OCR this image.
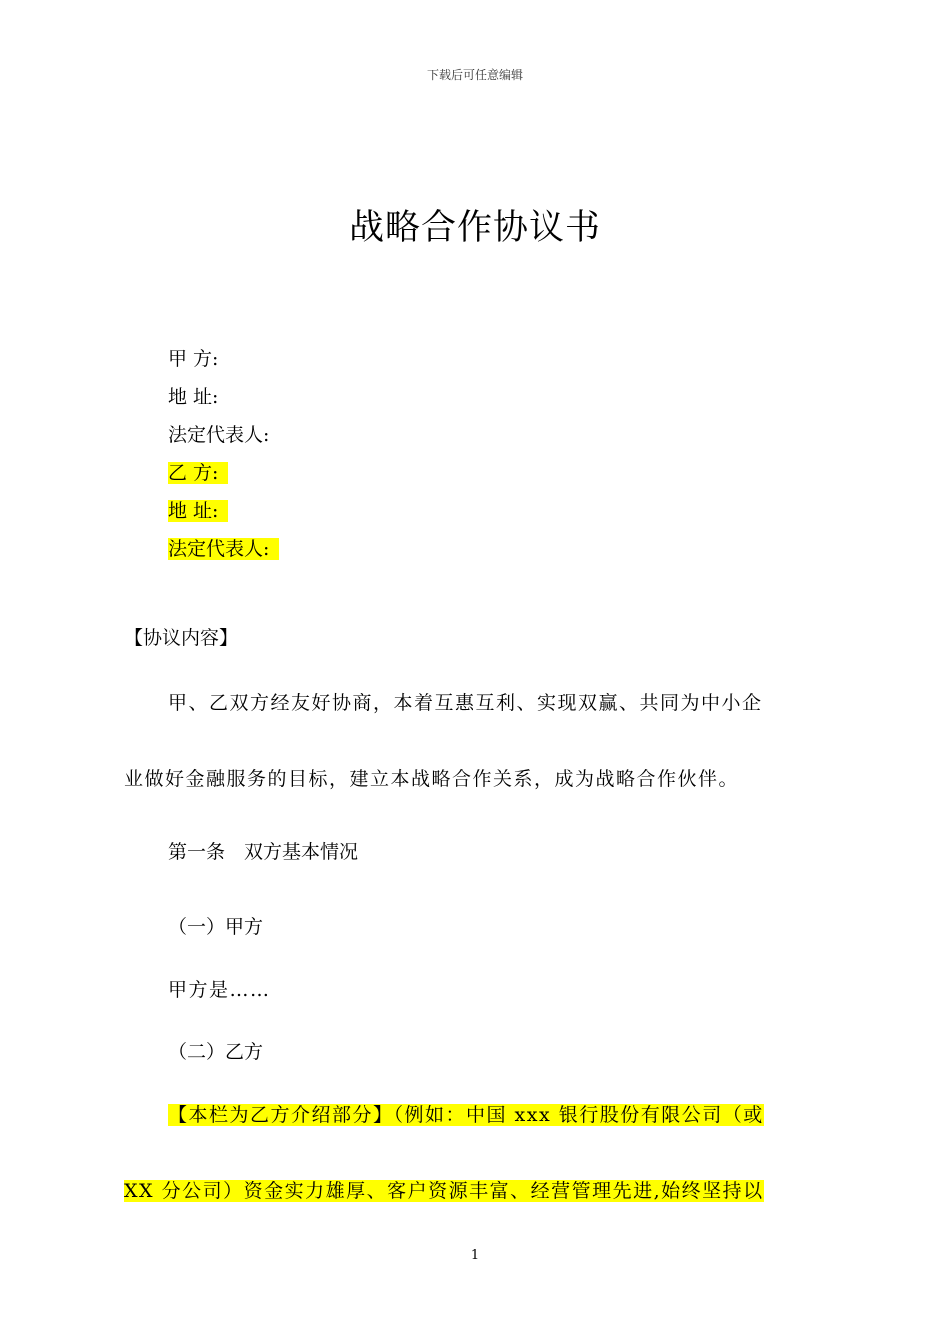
下载后可任意编辑
战略合作协议书
甲 方:
地 址:
法定代表人:
乙 方:
地 址:
法定代表人:
【协议内容】
甲、乙双方经友好协商，本着互惠互利、实现双赢、共同为中小企
业做好金融服务的目标，建立本战略合作关系，成为战略合作伙伴。
第一条　双方基本情况
（一）甲方
甲方是……
（二）乙方
【本栏为乙方介绍部分】（例如：中国 xxx 银行股份有限公司（或
XX 分公司）资金实力雄厚、客户资源丰富、经营管理先进,始终坚持以
1
